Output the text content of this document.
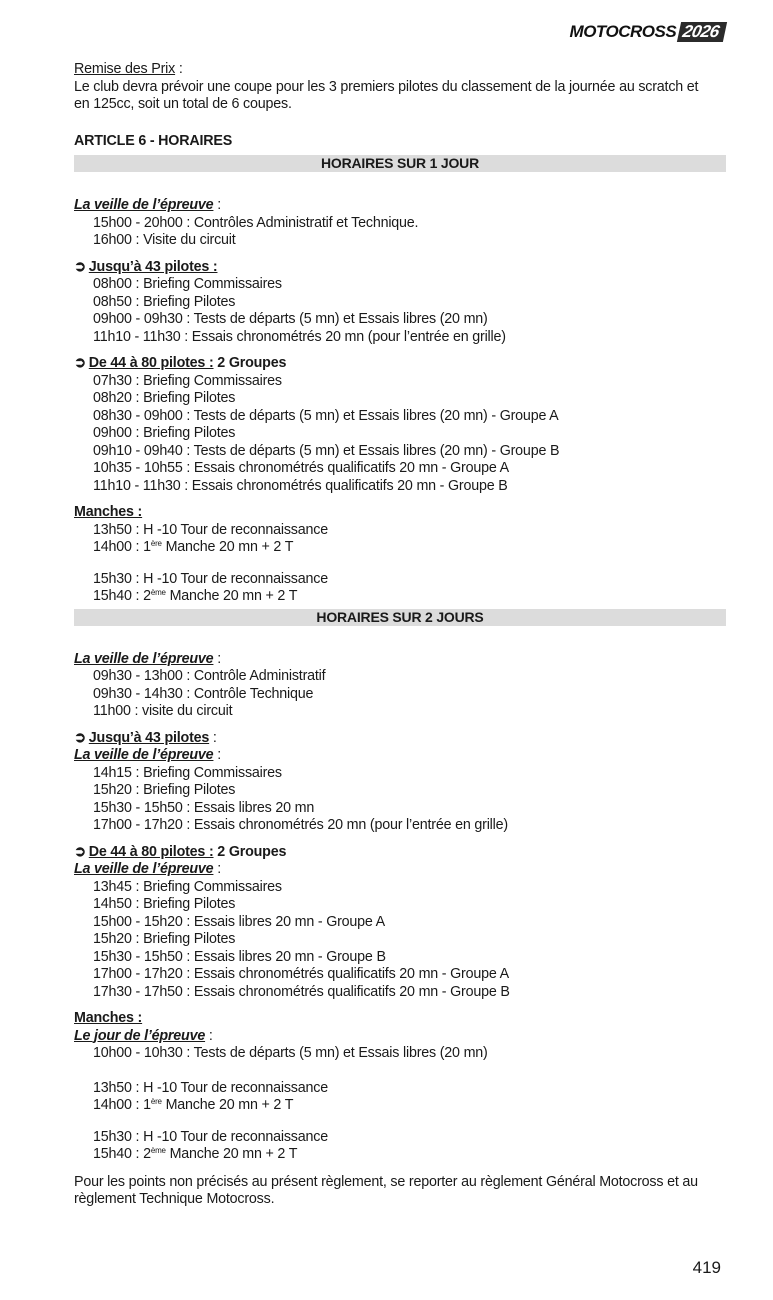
MOTOCROSS 2026

Remise des Prix :

Le club devra prévoir une coupe pour les 3 premiers pilotes du classement de la journée au scratch et

en 125cc, soit un total de 6 coupes.

ARTICLE 6 - HORAIRES

HORAIRES SUR 1 JOUR

La veille de l’épreuve :

15h00 - 20h00 : Contrôles Administratif et Technique.

16h00 : Visite du circuit

➲ Jusqu’à 43 pilotes :

08h00 : Briefing Commissaires

08h50 : Briefing Pilotes

09h00 - 09h30 : Tests de départs (5 mn) et Essais libres (20 mn)

11h10 - 11h30 : Essais chronométrés 20 mn (pour l’entrée en grille)

➲ De 44 à 80 pilotes : 2 Groupes

07h30 : Briefing Commissaires

08h20 : Briefing Pilotes

08h30 - 09h00 : Tests de départs (5 mn) et Essais libres (20 mn) - Groupe A

09h00 : Briefing Pilotes

09h10 - 09h40 : Tests de départs (5 mn) et Essais libres (20 mn) - Groupe B

10h35 - 10h55 : Essais chronométrés qualificatifs 20 mn - Groupe A

11h10 - 11h30 : Essais chronométrés qualificatifs 20 mn - Groupe B

Manches :

13h50 : H -10 Tour de reconnaissance

14h00 : 1ère Manche 20 mn + 2 T

15h30 : H -10 Tour de reconnaissance

15h40 : 2ème Manche 20 mn + 2 T

HORAIRES SUR 2 JOURS

La veille de l’épreuve :

09h30 - 13h00 : Contrôle Administratif

09h30 - 14h30 : Contrôle Technique

11h00 : visite du circuit

➲ Jusqu’à 43 pilotes :

La veille de l’épreuve :

14h15 : Briefing Commissaires

15h20 : Briefing Pilotes

15h30 - 15h50 : Essais libres 20 mn

17h00 - 17h20 : Essais chronométrés 20 mn (pour l’entrée en grille)

➲ De 44 à 80 pilotes : 2 Groupes

La veille de l’épreuve :

13h45 : Briefing Commissaires

14h50 : Briefing Pilotes

15h00 - 15h20 : Essais libres 20 mn - Groupe A

15h20 : Briefing Pilotes

15h30 - 15h50 : Essais libres 20 mn - Groupe B

17h00 - 17h20 : Essais chronométrés qualificatifs 20 mn - Groupe A

17h30 - 17h50 : Essais chronométrés qualificatifs 20 mn - Groupe B

Manches :

Le jour de l’épreuve :

10h00 - 10h30 : Tests de départs (5 mn) et Essais libres (20 mn)

13h50 : H -10 Tour de reconnaissance

14h00 : 1ère Manche 20 mn + 2 T

15h30 : H -10 Tour de reconnaissance

15h40 : 2ème Manche 20 mn + 2 T

Pour les points non précisés au présent règlement, se reporter au règlement Général Motocross et au

règlement Technique Motocross.

419
